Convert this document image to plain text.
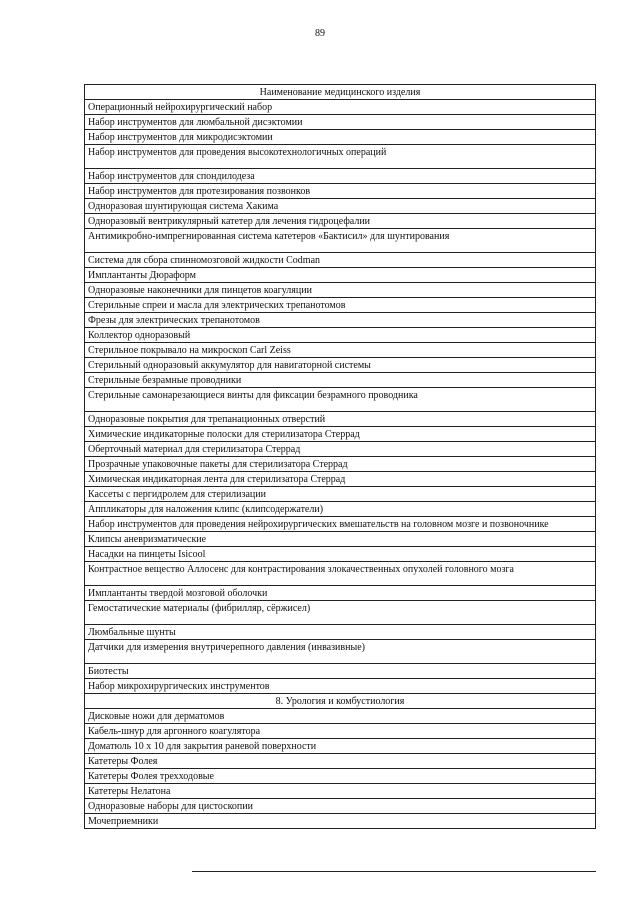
89
Наименование медицинского изделия
Операционный нейрохирургический набор
Набор инструментов для люмбальной дисэктомии
Набор инструментов для микродисэктомии
Набор инструментов для проведения высокотехнологичных операций
Набор инструментов для спондилодеза
Набор инструментов для протезирования позвонков
Одноразовая шунтирующая система Хакима
Одноразовый вентрикулярный катетер для лечения гидроцефалии
Антимикробно-импрегнированная система катетеров «Бактисил» для шунтирования
Система для сбора спинномозговой жидкости Codman
Имплантанты Дюраформ
Одноразовые наконечники для пинцетов коагуляции
Стерильные спреи и масла для электрических трепанотомов
Фрезы для электрических трепанотомов
Коллектор одноразовый
Стерильное покрывало на микроскоп Carl Zeiss
Стерильный одноразовый аккумулятор для навигаторной системы
Стерильные безрамные проводники
Стерильные самонарезающиеся винты для фиксации безрамного проводника
Одноразовые покрытия для трепанационных отверстий
Химические индикаторные полоски для стерилизатора Стеррад
Оберточный материал для стерилизатора Стеррад
Прозрачные упаковочные пакеты для стерилизатора Стеррад
Химическая индикаторная лента для стерилизатора Стеррад
Кассеты с пергидролем для стерилизации
Аппликаторы для наложения клипс (клипсодержатели)
Набор инструментов для проведения нейрохирургических вмешательств на головном мозге и позвоночнике
Клипсы аневризматические
Насадки на пинцеты Isicool
Контрастное вещество Аллосенс для контрастирования злокачественных опухолей головного мозга
Имплантанты твердой мозговой оболочки
Гемостатические материалы (фибрилляр, сёржисел)
Люмбальные шунты
Датчики для измерения внутричерепного давления (инвазивные)
Биотесты
Набор микрохирургических инструментов
8. Урология и комбустиология
Дисковые ножи для дерматомов
Кабель-шнур для аргонного коагулятора
Доматюль 10 х 10 для закрытия раневой поверхности
Катетеры Фолея
Катетеры Фолея трехходовые
Катетеры Нелатона
Одноразовые наборы для цистоскопии
Мочеприемники
